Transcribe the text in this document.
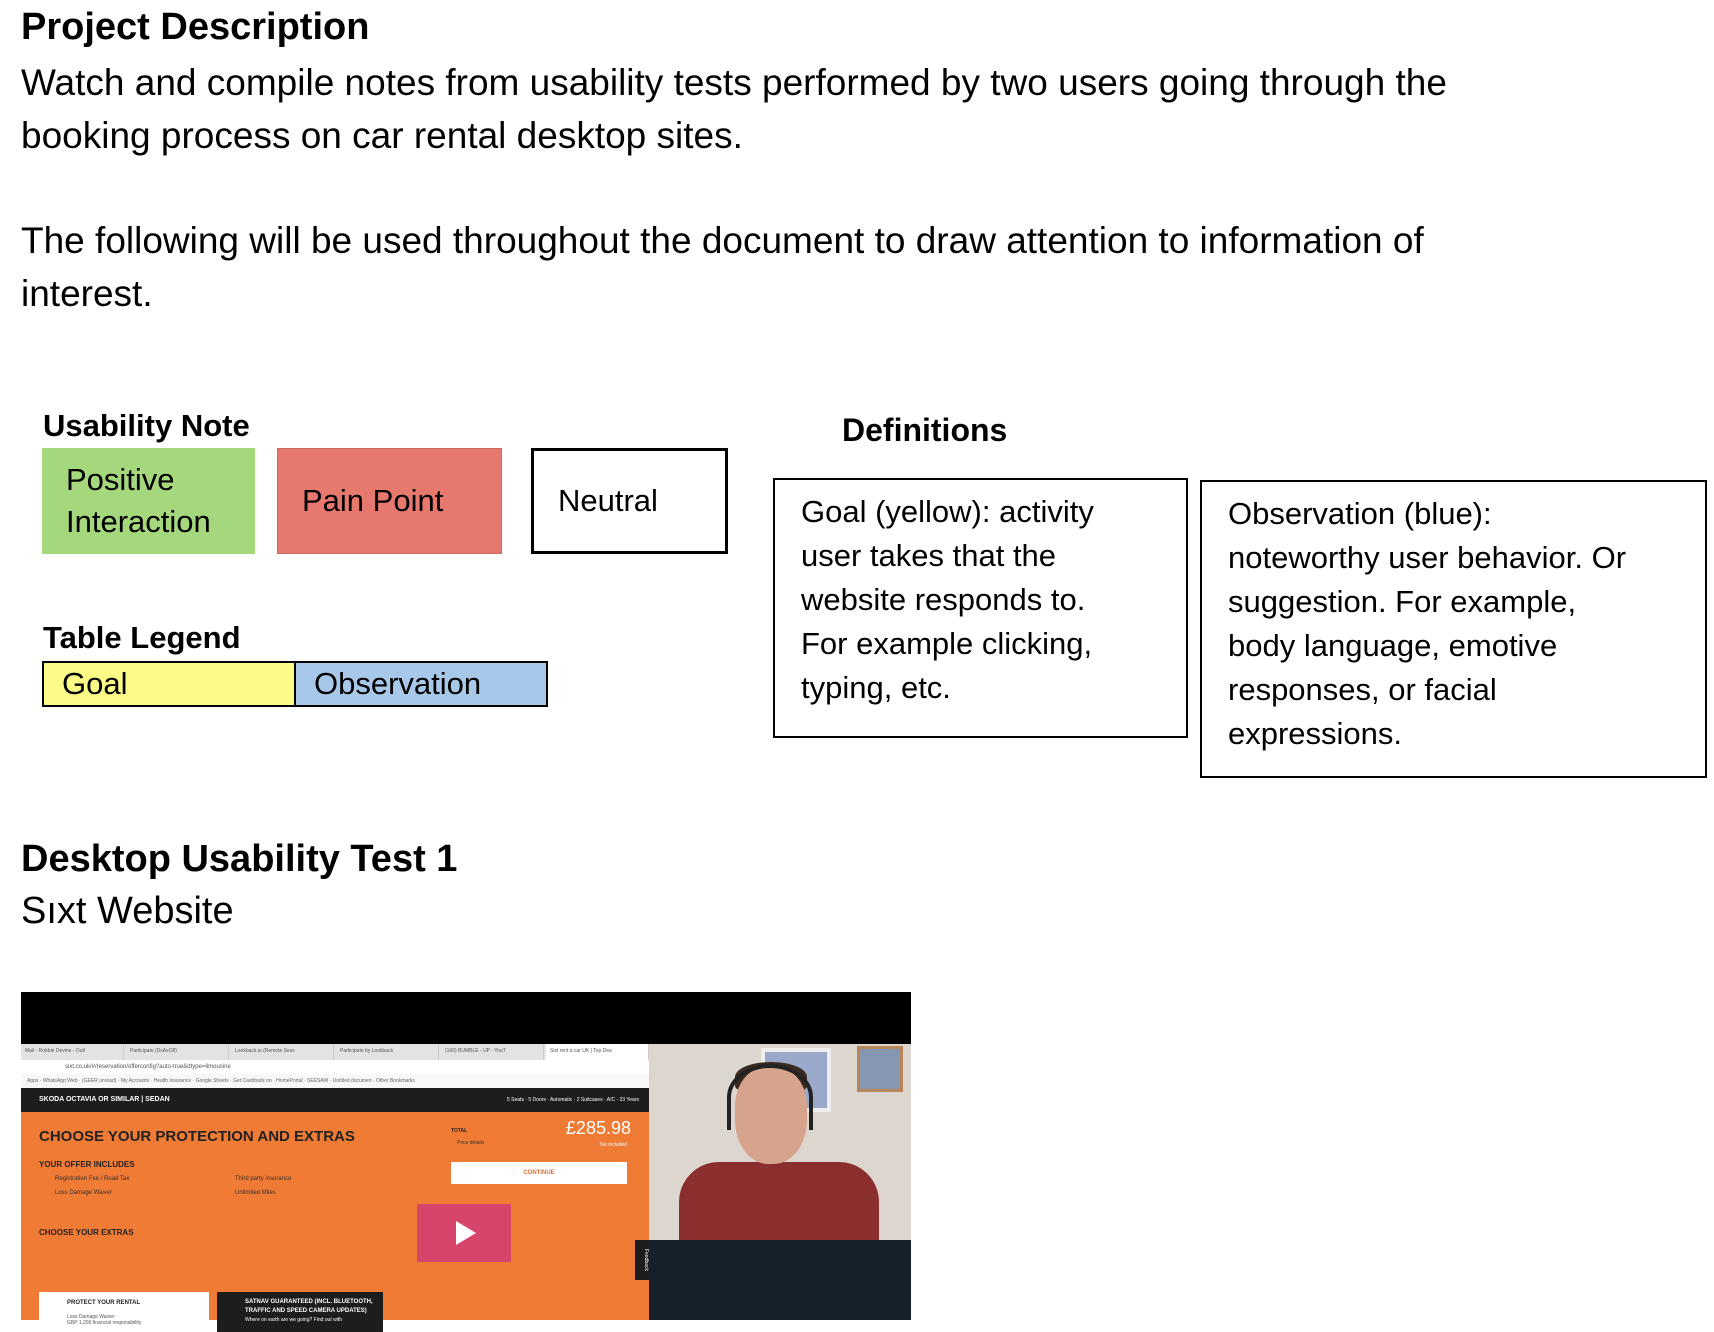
Project Description
Watch and compile notes from usability tests performed by two users going through the
booking process on car rental desktop sites.
The following will be used throughout the document to draw attention to information of
interest.
Usability Note
Positive
Interaction
Pain Point	Neutral
Table Legend
Goal	Observation
Definitions
Goal (yellow): activity
user takes that the
website responds to.
For example clicking,
typing, etc.
Observation (blue):
noteworthy user behavior. Or
suggestion. For example,
body language, emotive
responses, or facial
expressions.
Desktop Usability Test 1
Sıxt Website
Mail - Robbie Devine - Outl	Participate (DxAxO8)	Lookback.io (Remote Sess	Participate by Lookback	(160) BUMBLE - UP - YouT	Sixt rent a car UK | Top Dea
sixt.co.uk/#/reservation/offerconfig?auto-true&dtype=limousine
Apps · WhatsApp Web · (GEER unread) · My Accounts · Health insurance · Google Sheets · Get Cashback on · HomePortal · SEESAW · Untitled documen · Other Bookmarks
SKODA OCTAVIA OR SIMILAR | SEDAN	5 Seats · 5 Doors · Automatic · 2 Suitcases · A/C · 23 Years
CHOOSE YOUR PROTECTION AND EXTRAS
YOUR OFFER INCLUDES
Registration Fee / Road Tax
Loss Damage Waiver
Third party insurance
Unlimited Miles
CHOOSE YOUR EXTRAS
TOTAL
Price details
£285.98
Tax included
CONTINUE
PROTECT YOUR RENTAL
Loss Damage Waiver
GBP 1,200 financial responsibility
SATNAV GUARANTEED (INCL. BLUETOOTH, TRAFFIC AND SPEED CAMERA UPDATES)
Where on earth are we going? Find out with
Feedback
